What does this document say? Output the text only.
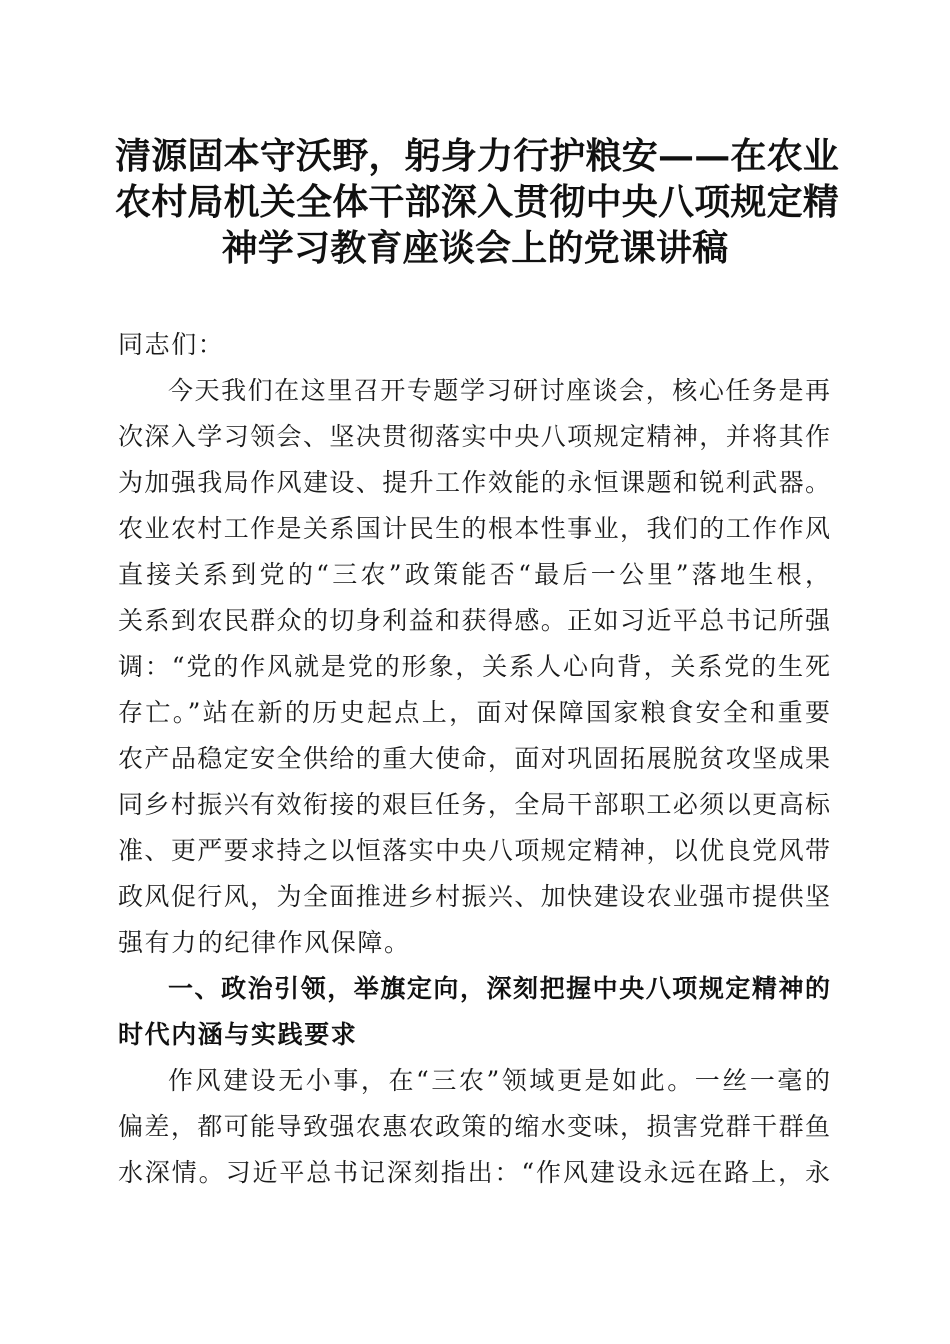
清源固本守沃野，躬身力行护粮安——在农业
农村局机关全体干部深入贯彻中央八项规定精
神学习教育座谈会上的党课讲稿
同志们：
今天我们在这里召开专题学习研讨座谈会，核心任务是再
次深入学习领会、坚决贯彻落实中央八项规定精神，并将其作
为加强我局作风建设、提升工作效能的永恒课题和锐利武器。
农业农村工作是关系国计民生的根本性事业，我们的工作作风
直接关系到党的“三农”政策能否“最后一公里”落地生根，
关系到农民群众的切身利益和获得感。正如习近平总书记所强
调：“党的作风就是党的形象，关系人心向背，关系党的生死
存亡。”站在新的历史起点上，面对保障国家粮食安全和重要
农产品稳定安全供给的重大使命，面对巩固拓展脱贫攻坚成果
同乡村振兴有效衔接的艰巨任务，全局干部职工必须以更高标
准、更严要求持之以恒落实中央八项规定精神，以优良党风带
政风促行风，为全面推进乡村振兴、加快建设农业强市提供坚
强有力的纪律作风保障。
一、政治引领，举旗定向，深刻把握中央八项规定精神的
时代内涵与实践要求
作风建设无小事，在“三农”领域更是如此。一丝一毫的
偏差，都可能导致强农惠农政策的缩水变味，损害党群干群鱼
水深情。习近平总书记深刻指出：“作风建设永远在路上，永
